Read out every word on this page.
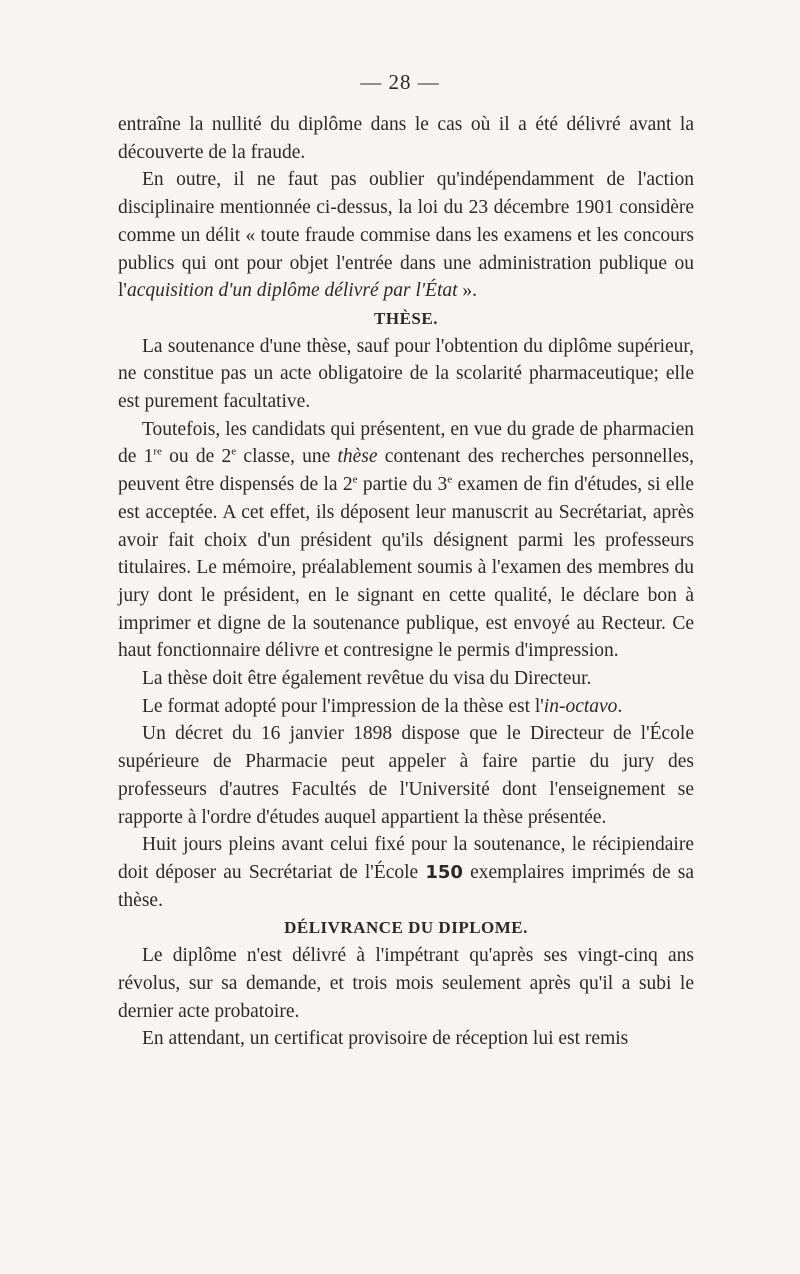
— 28 —

entraîne la nullité du diplôme dans le cas où il a été délivré avant la découverte de la fraude.

En outre, il ne faut pas oublier qu'indépendamment de l'action disciplinaire mentionnée ci-dessus, la loi du 23 décembre 1901 considère comme un délit « toute fraude commise dans les examens et les concours publics qui ont pour objet l'entrée dans une administration publique ou l'acquisition d'un diplôme délivré par l'État ».

THÈSE.

La soutenance d'une thèse, sauf pour l'obtention du diplôme supérieur, ne constitue pas un acte obligatoire de la scolarité pharmaceutique; elle est purement facultative.

Toutefois, les candidats qui présentent, en vue du grade de pharmacien de 1re ou de 2e classe, une thèse contenant des recherches personnelles, peuvent être dispensés de la 2e partie du 3e examen de fin d'études, si elle est acceptée. A cet effet, ils déposent leur manuscrit au Secrétariat, après avoir fait choix d'un président qu'ils désignent parmi les professeurs titulaires. Le mémoire, préalablement soumis à l'examen des membres du jury dont le président, en le signant en cette qualité, le déclare bon à imprimer et digne de la soutenance publique, est envoyé au Recteur. Ce haut fonctionnaire délivre et contresigne le permis d'impression.

La thèse doit être également revêtue du visa du Directeur.

Le format adopté pour l'impression de la thèse est l'in-octavo.

Un décret du 16 janvier 1898 dispose que le Directeur de l'École supérieure de Pharmacie peut appeler à faire partie du jury des professeurs d'autres Facultés de l'Université dont l'enseignement se rapporte à l'ordre d'études auquel appartient la thèse présentée.

Huit jours pleins avant celui fixé pour la soutenance, le récipiendaire doit déposer au Secrétariat de l'École 150 exemplaires imprimés de sa thèse.

DÉLIVRANCE DU DIPLOME.

Le diplôme n'est délivré à l'impétrant qu'après ses vingt-cinq ans révolus, sur sa demande, et trois mois seulement après qu'il a subi le dernier acte probatoire.

En attendant, un certificat provisoire de réception lui est remis
